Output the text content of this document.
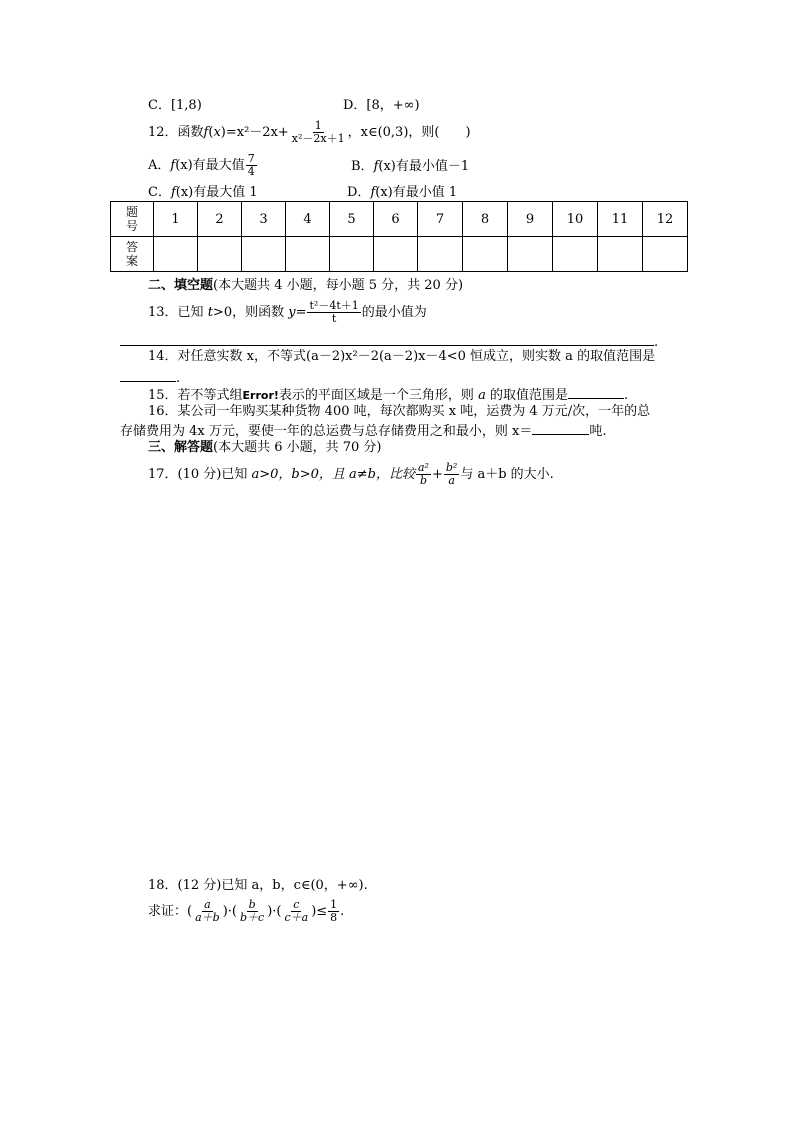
C．[1,8)	D．[8，+∞)
12．函数$f(x)=x^2-2x+ \frac{1}{\text{x²－2x＋1}}$ ，x∈(0,3)，则(　　)
A．f(x)有最大值 $\frac{7}{4}$	B．f(x)有最小值－1
C．f(x)有最大值 1	D．f(x)有最小值 1
题号	1	2	3	4	5	6	7	8	9	10	11	12
答案												
二、填空题(本大题共 4 小题，每小题 5 分，共 20 分)
13．已知 t>0，则函数 $y= \frac{\text{t²－4t＋1}}{t}$ 的最小值为
.
14．对任意实数 x，不等式(a－2)x²－2(a－2)x－4<0 恒成立，则实数 a 的取值范围是
.
15．若不等式组Error!表示的平面区域是一个三角形，则 a 的取值范围是	.
16．某公司一年购买某种货物 400 吨，每次都购买 x 吨，运费为 4 万元/次，一年的总
存储费用为 4x 万元，要使一年的总运费与总存储费用之和最小，则 x＝	吨.
三、解答题(本大题共 6 小题，共 70 分)
17．(10 分)已知 a>0，b>0，且 a≠b，比较 $\frac{\text{a²}}{b} + \frac{\text{b²}}{a}$ 与 a＋b 的大小.
18．(12 分)已知 a，b，c∈(0，+∞).
求证：( $\frac{a}{a+b}$ )·( $\frac{b}{b+c}$ )·( $\frac{c}{c+a}$ )≤ $\frac{1}{8}$ .
